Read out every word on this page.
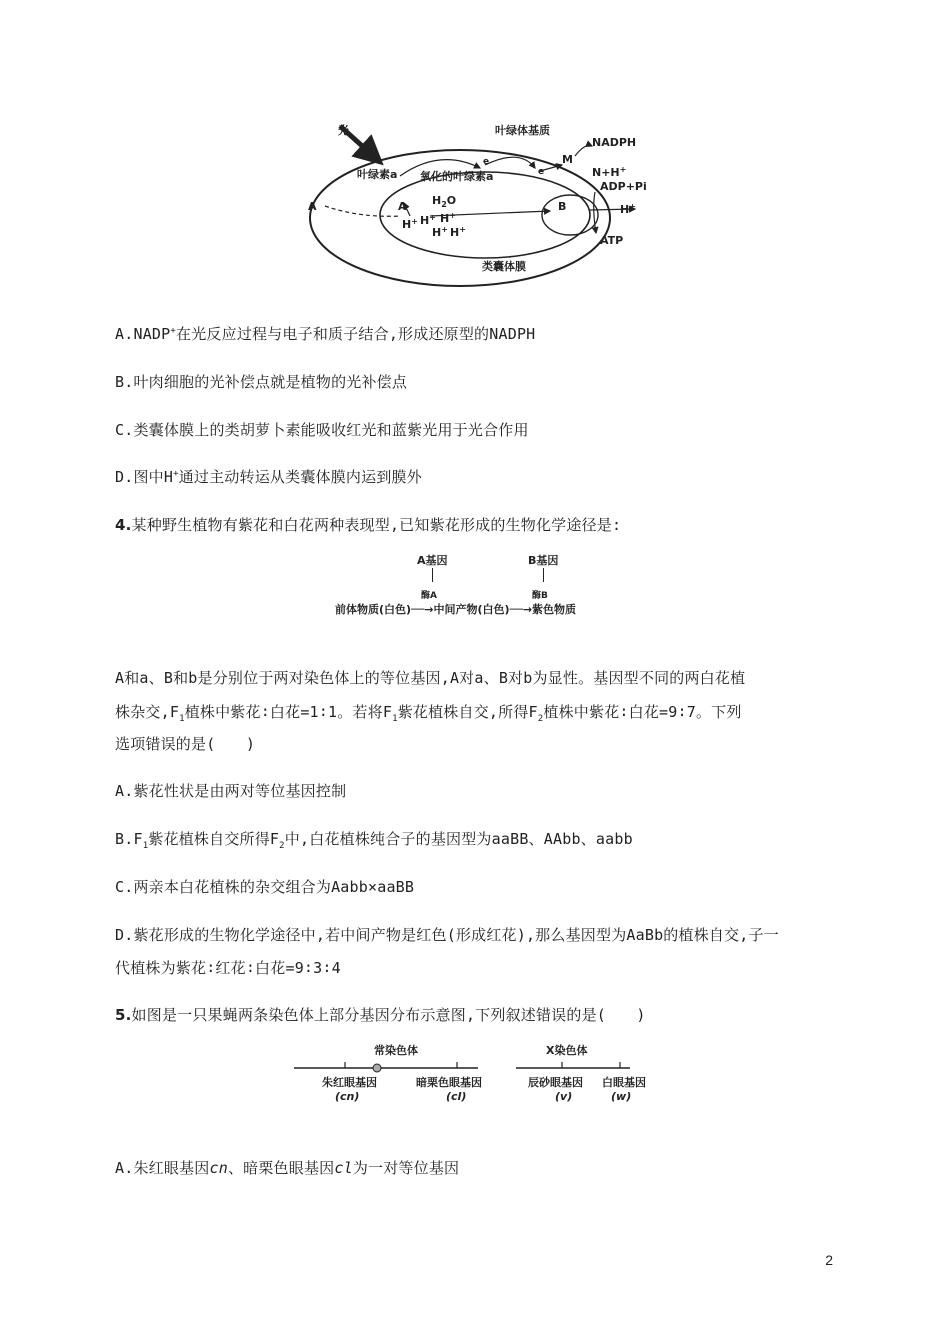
光	叶绿体基质
叶绿素a 氧化的叶绿素a
e
e
M
NADPH
N+H+
ADP+Pi
A	A $H_2O$
H+ H+ H+
H+ H+
B	H+
ATP
类囊体膜
A.NADP+在光反应过程与电子和质子结合,形成还原型的NADPH
B.叶肉细胞的光补偿点就是植物的光补偿点
C.类囊体膜上的类胡萝卜素能吸收红光和蓝紫光用于光合作用
D.图中H+通过主动转运从类囊体膜内运到膜外
4.某种野生植物有紫花和白花两种表现型,已知紫花形成的生物化学途径是:
A基因	B基因
酶A	酶B
前体物质(白色)──→中间产物(白色)──→紫色物质
A和a、B和b是分别位于两对染色体上的等位基因,A对a、B对b为显性。基因型不同的两白花植
株杂交$,F_1$植株中紫花∶白花=1∶1。若将$F_1$紫花植株自交,所得$F_2$植株中紫花∶白花=9∶7。下列
选项错误的是(　　)
A.紫花性状是由两对等位基因控制
$B.F_1$紫花植株自交所得$F_2$中,白花植株纯合子的基因型为aaBB、AAbb、aabb
C.两亲本白花植株的杂交组合为Aabb×aaBB
D.紫花形成的生物化学途径中,若中间产物是红色(形成红花),那么基因型为AaBb的植株自交,子一
代植株为紫花∶红花∶白花=9∶3∶4
5.如图是一只果蝇两条染色体上部分基因分布示意图,下列叙述错误的是(　　)
常染色体	X染色体
朱红眼基因
(cn)
暗栗色眼基因
(cl)
辰砂眼基因
(v)
白眼基因
(w)
A.朱红眼基因cn、暗栗色眼基因cl为一对等位基因
2
